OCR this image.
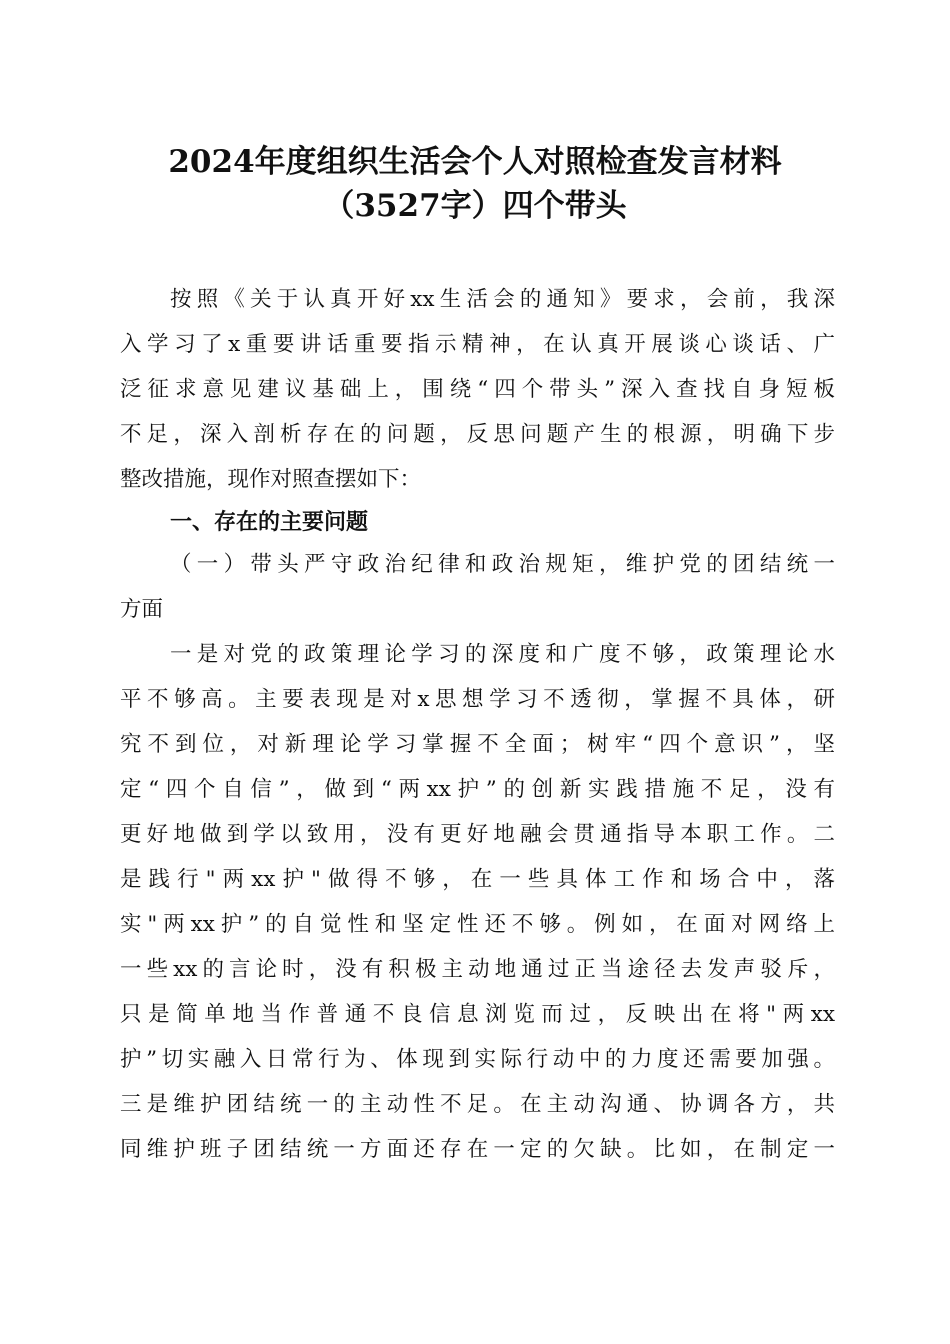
2024年度组织生活会个人对照检查发言材料
（3527字）四个带头

按照《关于认真开好xx生活会的通知》要求，会前，我深

入学习了x重要讲话重要指示精神，在认真开展谈心谈话、广

泛征求意见建议基础上，围绕“四个带头”深入查找自身短板

不足，深入剖析存在的问题，反思问题产生的根源，明确下步

整改措施，现作对照查摆如下：

一、存在的主要问题

（一）带头严守政治纪律和政治规矩，维护党的团结统一

方面

一是对党的政策理论学习的深度和广度不够，政策理论水

平不够高。主要表现是对x思想学习不透彻，掌握不具体，研

究不到位，对新理论学习掌握不全面；树牢“四个意识”，坚

定“四个自信”，做到“两xx护”的创新实践措施不足，没有

更好地做到学以致用，没有更好地融会贯通指导本职工作。二

是践行"两xx护"做得不够，在一些具体工作和场合中，落

实"两xx护”的自觉性和坚定性还不够。例如，在面对网络上

一些xx的言论时，没有积极主动地通过正当途径去发声驳斥，

只是简单地当作普通不良信息浏览而过，反映出在将"两xx

护”切实融入日常行为、体现到实际行动中的力度还需要加强。

三是维护团结统一的主动性不足。在主动沟通、协调各方，共

同维护班子团结统一方面还存在一定的欠缺。比如，在制定一
